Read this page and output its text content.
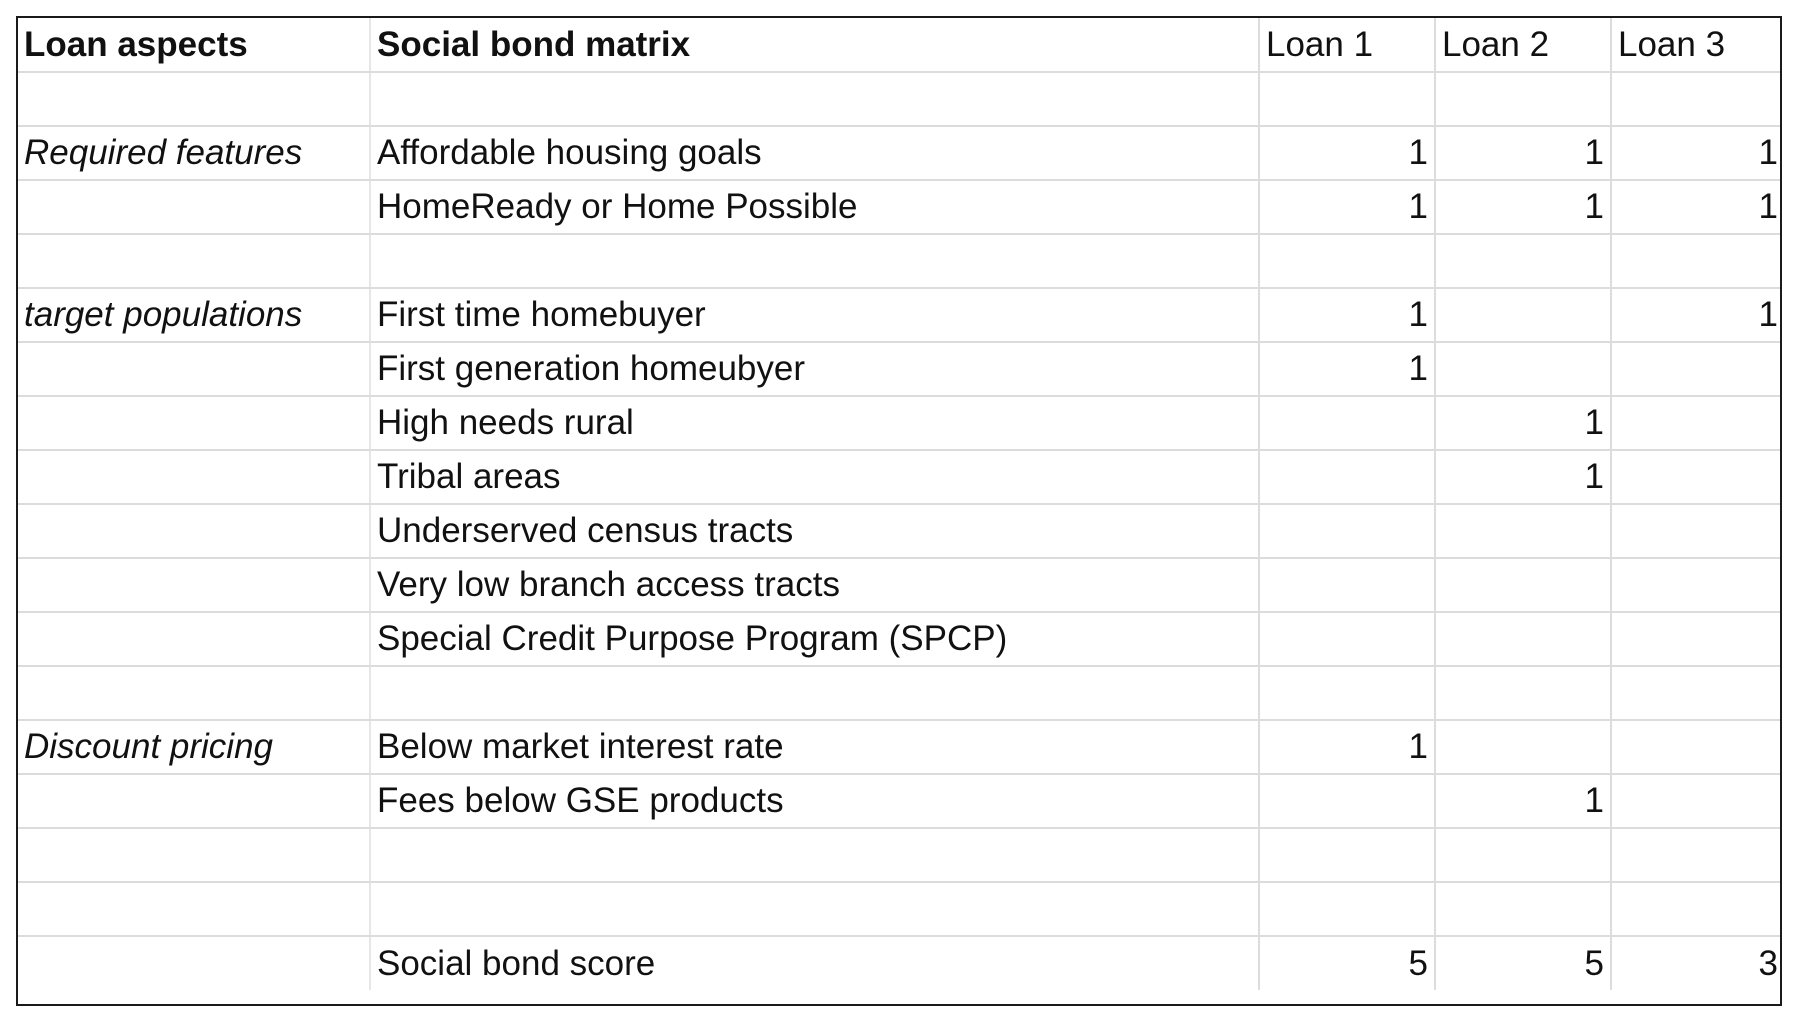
Loan aspects	Social bond matrix	Loan 1	Loan 2	Loan 3

Required features	Affordable housing goals	1	1	1
	HomeReady or Home Possible	1	1	1

target populations	First time homebuyer	1		1
	First generation homeubyer	1		
	High needs rural		1	
	Tribal areas		1	
	Underserved census tracts			
	Very low branch access tracts			
	Special Credit Purpose Program (SPCP)			

Discount pricing	Below market interest rate	1		
	Fees below GSE products		1	

	Social bond score	5	5	3
